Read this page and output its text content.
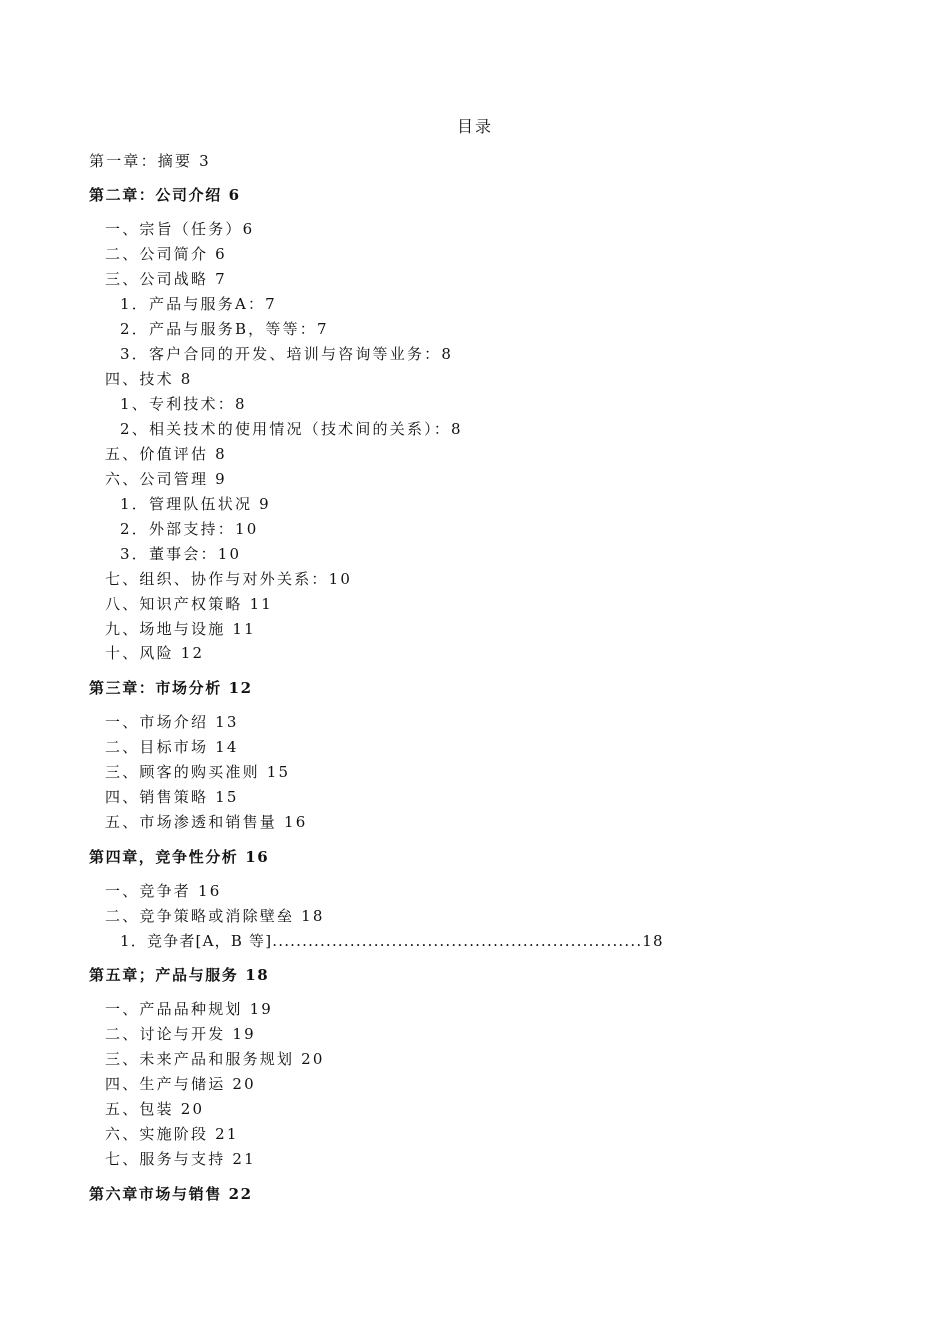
目录
第一章：摘要 3
第二章：公司介绍 6
一、宗旨（任务）6
二、公司简介 6
三、公司战略 7
1．产品与服务A：7
2．产品与服务B，等等：7
3．客户合同的开发、培训与咨询等业务：8
四、技术 8
1、专利技术：8
2、相关技术的使用情况（技术间的关系）：8
五、价值评估 8
六、公司管理 9
1．管理队伍状况 9
2．外部支持：10
3．董事会：10
七、组织、协作与对外关系：10
八、知识产权策略 11
九、场地与设施 11
十、风险 12
第三章：市场分析 12
一、市场介绍 13
二、目标市场 14
三、顾客的购买准则 15
四、销售策略 15
五、市场渗透和销售量 16
第四章，竞争性分析 16
一、竞争者 16
二、竞争策略或消除壁垒 18
1．竞争者[A，B 等]..............................................................18
第五章；产品与服务 18
一、产品品种规划 19
二、讨论与开发 19
三、未来产品和服务规划 20
四、生产与储运 20
五、包装 20
六、实施阶段 21
七、服务与支持 21
第六章市场与销售 22
